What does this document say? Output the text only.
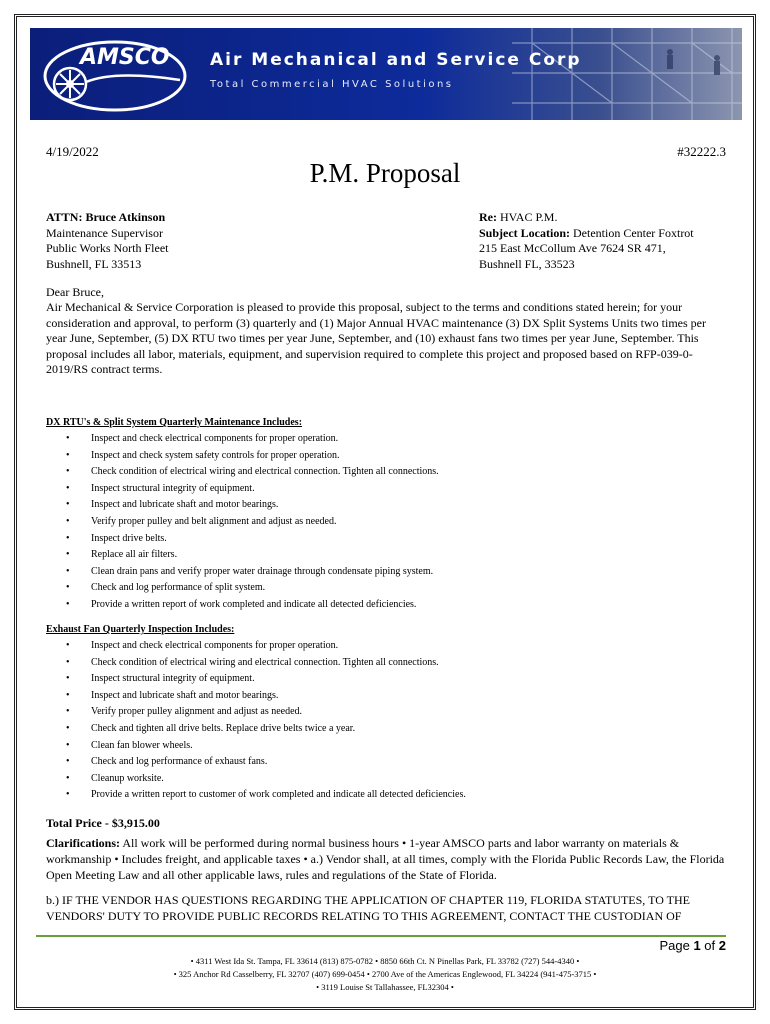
AMSCO Air Mechanical and Service Corp
Total Commercial HVAC Solutions
4/19/2022	#32222.3
P.M. Proposal
ATTN: Bruce Atkinson
Maintenance Supervisor
Public Works North Fleet
Bushnell, FL 33513
Re: HVAC P.M.
Subject Location: Detention Center Foxtrot
215 East McCollum Ave 7624 SR 471,
Bushnell FL, 33523
Dear Bruce,
Air Mechanical & Service Corporation is pleased to provide this proposal, subject to the terms and conditions stated herein; for your consideration and approval, to perform (3) quarterly and (1) Major Annual HVAC maintenance (3) DX Split Systems Units two times per year June, September, (5) DX RTU two times per year June, September, and (10) exhaust fans two times per year June, September. This proposal includes all labor, materials, equipment, and supervision required to complete this project and proposed based on RFP-039-0-2019/RS contract terms.
DX RTU's & Split System Quarterly Maintenance Includes:
• Inspect and check electrical components for proper operation.
• Inspect and check system safety controls for proper operation.
• Check condition of electrical wiring and electrical connection. Tighten all connections.
• Inspect structural integrity of equipment.
• Inspect and lubricate shaft and motor bearings.
• Verify proper pulley and belt alignment and adjust as needed.
• Inspect drive belts.
• Replace all air filters.
• Clean drain pans and verify proper water drainage through condensate piping system.
• Check and log performance of split system.
• Provide a written report of work completed and indicate all detected deficiencies.
Exhaust Fan Quarterly Inspection Includes:
• Inspect and check electrical components for proper operation.
• Check condition of electrical wiring and electrical connection. Tighten all connections.
• Inspect structural integrity of equipment.
• Inspect and lubricate shaft and motor bearings.
• Verify proper pulley alignment and adjust as needed.
• Check and tighten all drive belts. Replace drive belts twice a year.
• Clean fan blower wheels.
• Check and log performance of exhaust fans.
• Cleanup worksite.
• Provide a written report to customer of work completed and indicate all detected deficiencies.
Total Price - $3,915.00
Clarifications: All work will be performed during normal business hours • 1-year AMSCO parts and labor warranty on materials & workmanship • Includes freight, and applicable taxes • a.) Vendor shall, at all times, comply with the Florida Public Records Law, the Florida Open Meeting Law and all other applicable laws, rules and regulations of the State of Florida.
b.) IF THE VENDOR HAS QUESTIONS REGARDING THE APPLICATION OF CHAPTER 119, FLORIDA STATUTES, TO THE VENDORS' DUTY TO PROVIDE PUBLIC RECORDS RELATING TO THIS AGREEMENT, CONTACT THE CUSTODIAN OF
Page 1 of 2
• 4311 West Ida St. Tampa, FL 33614 (813) 875-0782 • 8850 66th Ct. N Pinellas Park, FL 33782 (727) 544-4340 •
• 325 Anchor Rd Casselberry, FL 32707 (407) 699-0454 • 2700 Ave of the Americas Englewood, FL 34224 (941-475-3715 •
• 3119 Louise St Tallahassee, FL32304 •
